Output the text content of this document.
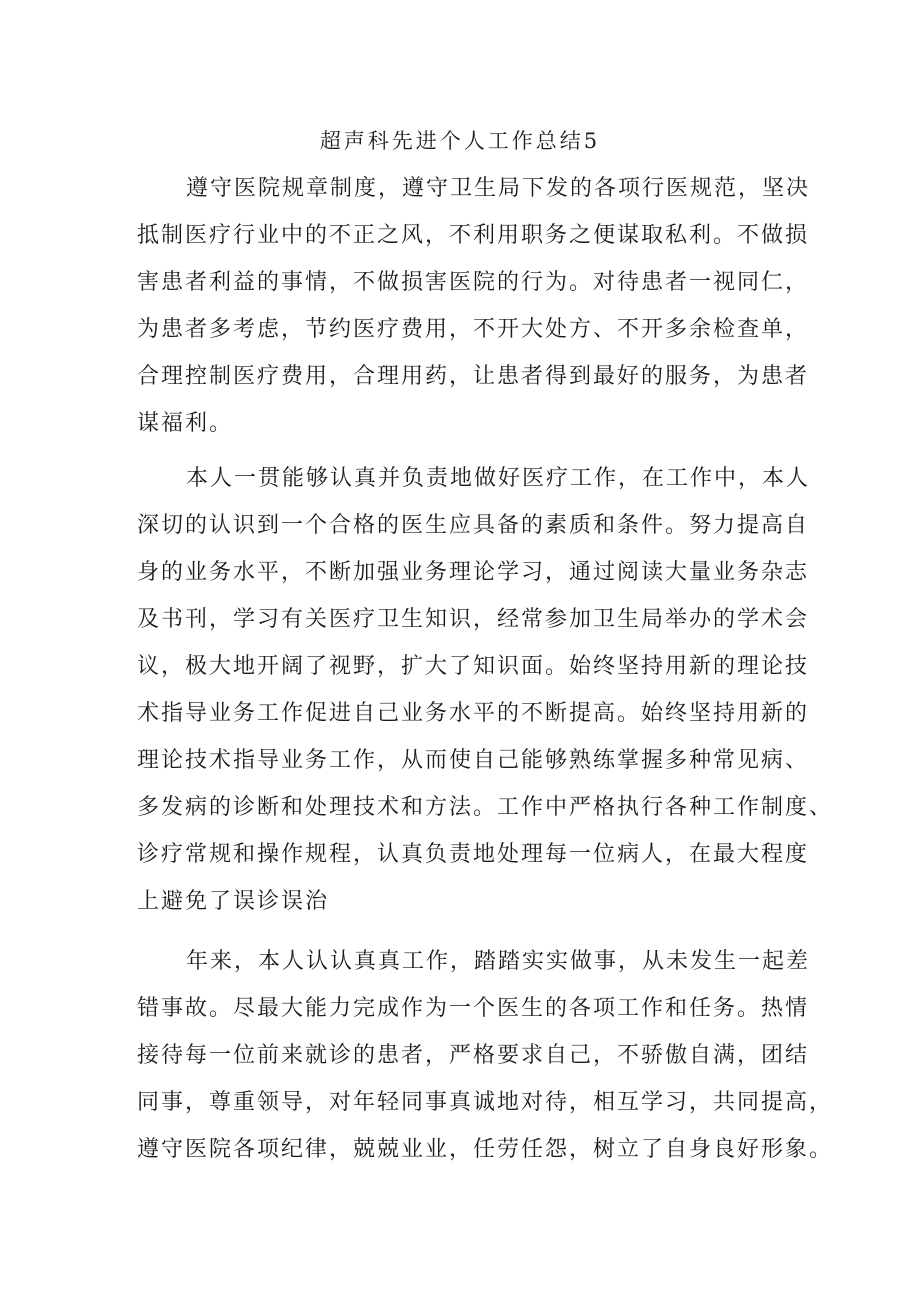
超声科先进个人工作总结5
遵守医院规章制度，遵守卫生局下发的各项行医规范，坚决
抵制医疗行业中的不正之风，不利用职务之便谋取私利。不做损
害患者利益的事情，不做损害医院的行为。对待患者一视同仁，
为患者多考虑，节约医疗费用，不开大处方、不开多余检查单，
合理控制医疗费用，合理用药，让患者得到最好的服务，为患者
谋福利。
本人一贯能够认真并负责地做好医疗工作，在工作中，本人
深切的认识到一个合格的医生应具备的素质和条件。努力提高自
身的业务水平，不断加强业务理论学习，通过阅读大量业务杂志
及书刊，学习有关医疗卫生知识，经常参加卫生局举办的学术会
议，极大地开阔了视野，扩大了知识面。始终坚持用新的理论技
术指导业务工作促进自己业务水平的不断提高。始终坚持用新的
理论技术指导业务工作，从而使自己能够熟练掌握多种常见病、
多发病的诊断和处理技术和方法。工作中严格执行各种工作制度、
诊疗常规和操作规程，认真负责地处理每一位病人，在最大程度
上避免了误诊误治
年来，本人认认真真工作，踏踏实实做事，从未发生一起差
错事故。尽最大能力完成作为一个医生的各项工作和任务。热情
接待每一位前来就诊的患者，严格要求自己，不骄傲自满，团结
同事，尊重领导，对年轻同事真诚地对待，相互学习，共同提高，
遵守医院各项纪律，兢兢业业，任劳任怨，树立了自身良好形象。
